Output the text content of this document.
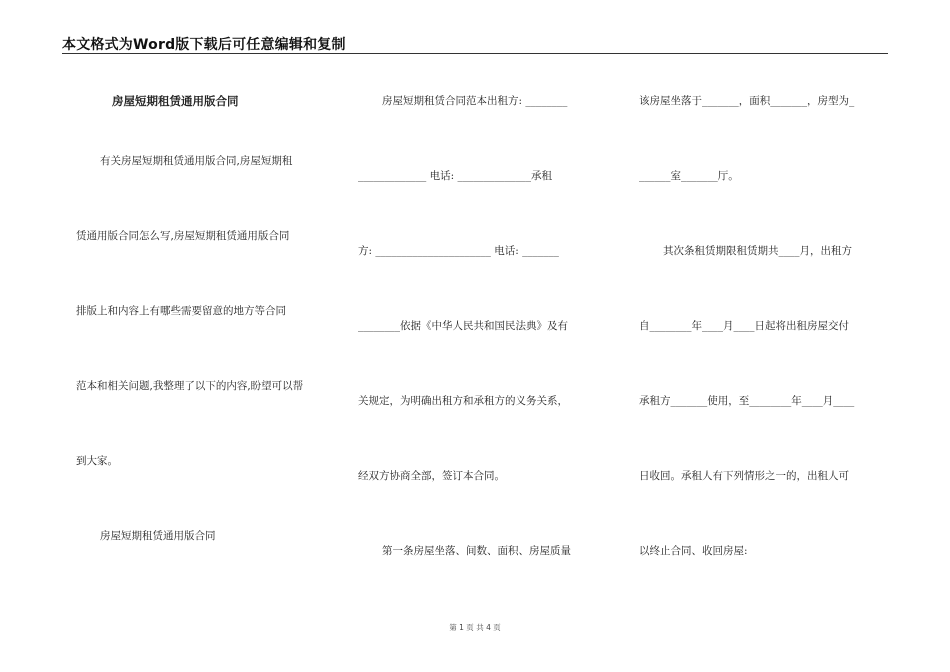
本文格式为Word版下载后可任意编辑和复制
房屋短期租赁通用版合同
有关房屋短期租赁通用版合同,房屋短期租
赁通用版合同怎么写,房屋短期租赁通用版合同
排版上和内容上有哪些需要留意的地方等合同
范本和相关问题,我整理了以下的内容,盼望可以帮
到大家。
房屋短期租赁通用版合同
房屋短期租赁合同范本出租方: ________
_____________ 电话: ______________承租
方: ______________________ 电话: _______
________依据《中华人民共和国民法典》及有
关规定，为明确出租方和承租方的义务关系，
经双方协商全部，签订本合同。
第一条房屋坐落、间数、面积、房屋质量
该房屋坐落于_______，面积_______，房型为_
______室_______厅。
其次条租赁期限租赁期共____月，出租方
自________年____月____日起将出租房屋交付
承租方_______使用，至________年____月____
日收回。承租人有下列情形之一的，出租人可
以终止合同、收回房屋:
第 1 页 共 4 页
